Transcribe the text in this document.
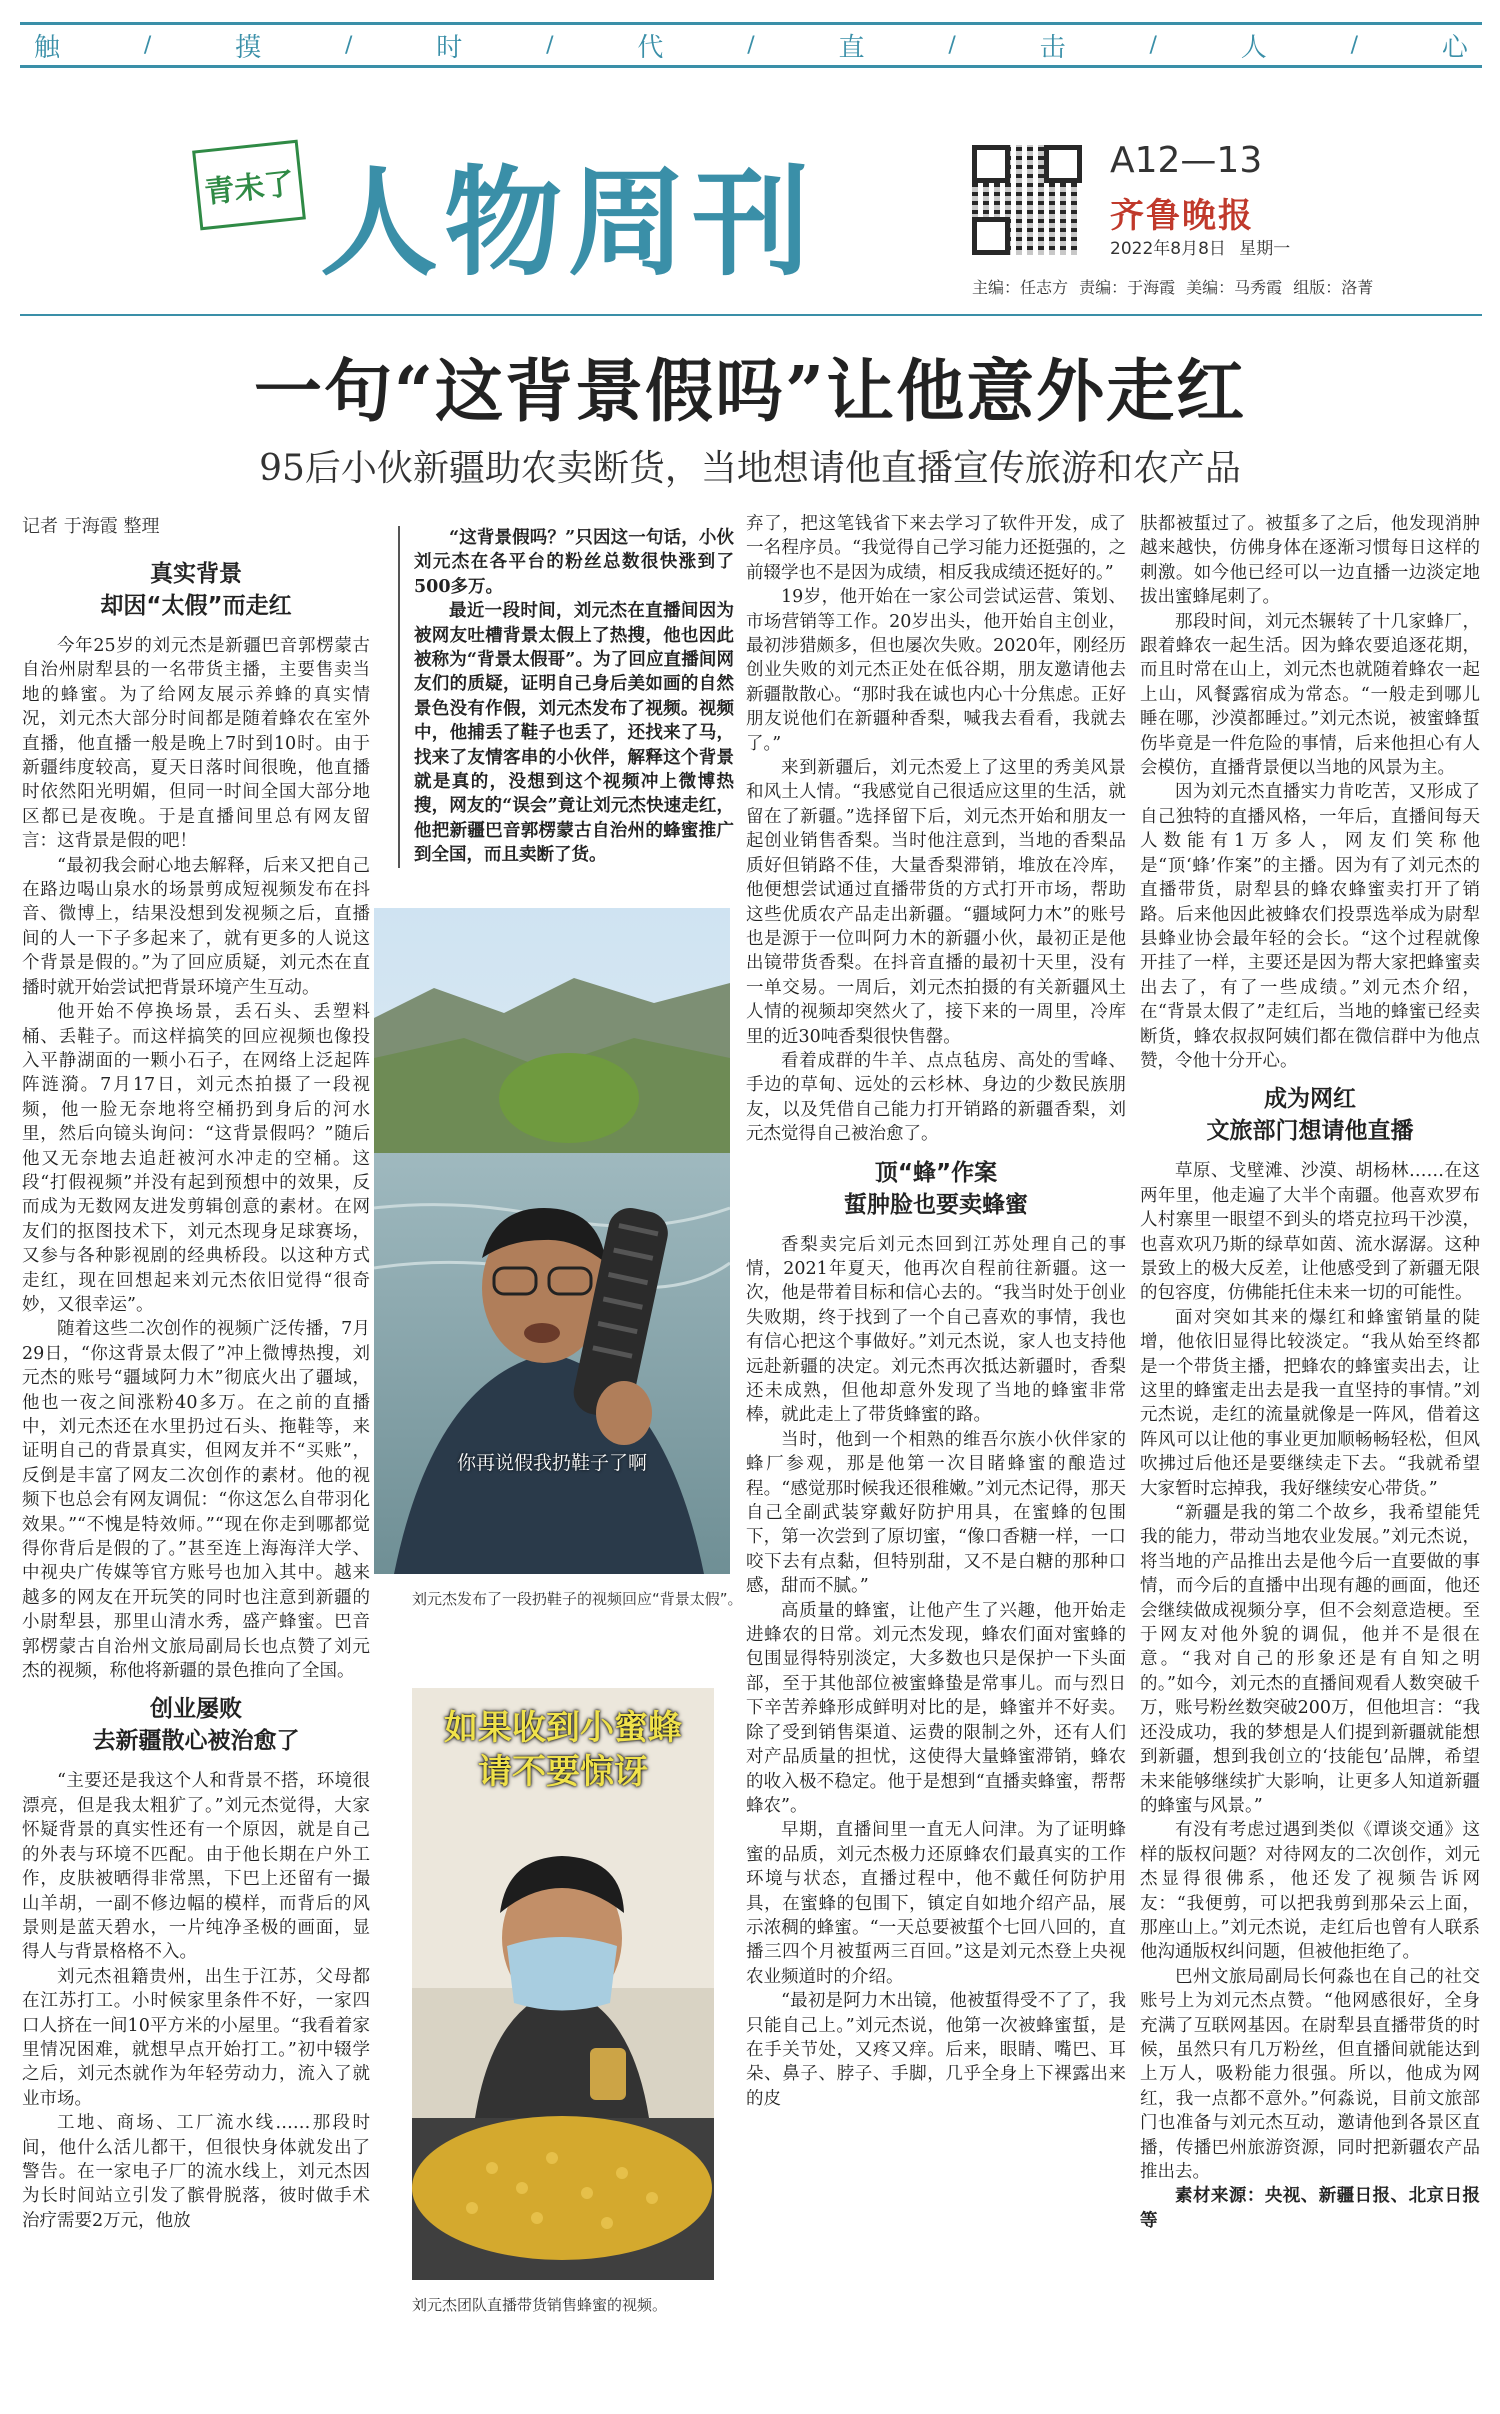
触	/	摸	/	时	/	代	/	直	/	击	/	人	/	心
青未了 人物周刊	A12—13
齐鲁晚报
2022年8月8日 星期一
主编：任志方 责编：于海霞 美编：马秀霞 组版：洛菁
一句“这背景假吗”让他意外走红
95后小伙新疆助农卖断货，当地想请他直播宣传旅游和农产品
记者 于海霞 整理
真实背景
却因“太假”而走红

今年25岁的刘元杰是新疆巴音郭楞蒙古自治州尉犁县的一名带货主播，主要售卖当地的蜂蜜。为了给网友展示养蜂的真实情况，刘元杰大部分时间都是随着蜂农在室外直播，他直播一般是晚上7时到10时。由于新疆纬度较高，夏天日落时间很晚，他直播时依然阳光明媚，但同一时间全国大部分地区都已是夜晚。于是直播间里总有网友留言：这背景是假的吧！

“最初我会耐心地去解释，后来又把自己在路边喝山泉水的场景剪成短视频发布在抖音、微博上，结果没想到发视频之后，直播间的人一下子多起来了，就有更多的人说这个背景是假的。”为了回应质疑，刘元杰在直播时就开始尝试把背景环境产生互动。

他开始不停换场景，丢石头、丢塑料桶、丢鞋子。而这样搞笑的回应视频也像投入平静湖面的一颗小石子，在网络上泛起阵阵涟漪。7月17日，刘元杰拍摄了一段视频，他一脸无奈地将空桶扔到身后的河水里，然后向镜头询问：“这背景假吗？”随后他又无奈地去追赶被河水冲走的空桶。这段“打假视频”并没有起到预想中的效果，反而成为无数网友进发剪辑创意的素材。在网友们的抠图技术下，刘元杰现身足球赛场，又参与各种影视剧的经典桥段。以这种方式走红，现在回想起来刘元杰依旧觉得“很奇妙，又很幸运”。

随着这些二次创作的视频广泛传播，7月29日，“你这背景太假了”冲上微博热搜，刘元杰的账号“疆域阿力木”彻底火出了疆域，他也一夜之间涨粉40多万。在之前的直播中，刘元杰还在水里扔过石头、拖鞋等，来证明自己的背景真实，但网友并不“买账”，反倒是丰富了网友二次创作的素材。他的视频下也总会有网友调侃：“你这怎么自带羽化效果。”“不愧是特效师。”“现在你走到哪都觉得你背后是假的了。”甚至连上海海洋大学、中视央广传媒等官方账号也加入其中。越来越多的网友在开玩笑的同时也注意到新疆的小尉犁县，那里山清水秀，盛产蜂蜜。巴音郭楞蒙古自治州文旅局副局长也点赞了刘元杰的视频，称他将新疆的景色推向了全国。

创业屡败
去新疆散心被治愈了

“主要还是我这个人和背景不搭，环境很漂亮，但是我太粗犷了。”刘元杰觉得，大家怀疑背景的真实性还有一个原因，就是自己的外表与环境不匹配。由于他长期在户外工作，皮肤被晒得非常黑，下巴上还留有一撮山羊胡，一副不修边幅的模样，而背后的风景则是蓝天碧水，一片纯净圣极的画面，显得人与背景格格不入。

刘元杰祖籍贵州，出生于江苏，父母都在江苏打工。小时候家里条件不好，一家四口人挤在一间10平方米的小屋里。“我看着家里情况困难，就想早点开始打工。”初中辍学之后，刘元杰就作为年轻劳动力，流入了就业市场。

工地、商场、工厂流水线……那段时间，他什么活儿都干，但很快身体就发出了警告。在一家电子厂的流水线上，刘元杰因为长时间站立引发了髌骨脱落，彼时做手术治疗需要2万元，他放

“这背景假吗？”只因这一句话，小伙刘元杰在各平台的粉丝总数很快涨到了500多万。

最近一段时间，刘元杰在直播间因为被网友吐槽背景太假上了热搜，他也因此被称为“背景太假哥”。为了回应直播间网友们的质疑，证明自己身后美如画的自然景色没有作假，刘元杰发布了视频。视频中，他捕丢了鞋子也丢了，还找来了马，找来了友情客串的小伙伴，解释这个背景就是真的，没想到这个视频冲上微博热搜，网友的“误会”竟让刘元杰快速走红，他把新疆巴音郭楞蒙古自治州的蜂蜜推广到全国，而且卖断了货。

你再说假我扔鞋子了啊
刘元杰发布了一段扔鞋子的视频回应“背景太假”。
如果收到小蜜蜂
请不要惊讶
刘元杰团队直播带货销售蜂蜜的视频。

弃了，把这笔钱省下来去学习了软件开发，成了一名程序员。“我觉得自己学习能力还挺强的，之前辍学也不是因为成绩，相反我成绩还挺好的。”

19岁，他开始在一家公司尝试运营、策划、市场营销等工作。20岁出头，他开始自主创业，最初涉猎颇多，但也屡次失败。2020年，刚经历创业失败的刘元杰正处在低谷期，朋友邀请他去新疆散散心。“那时我在诚也内心十分焦虑。正好朋友说他们在新疆种香梨，喊我去看看，我就去了。”

来到新疆后，刘元杰爱上了这里的秀美风景和风土人情。“我感觉自己很适应这里的生活，就留在了新疆。”选择留下后，刘元杰开始和朋友一起创业销售香梨。当时他注意到，当地的香梨品质好但销路不佳，大量香梨滞销，堆放在冷库，他便想尝试通过直播带货的方式打开市场，帮助这些优质农产品走出新疆。“疆域阿力木”的账号也是源于一位叫阿力木的新疆小伙，最初正是他出镜带货香梨。在抖音直播的最初十天里，没有一单交易。一周后，刘元杰拍摄的有关新疆风土人情的视频却突然火了，接下来的一周里，冷库里的近30吨香梨很快售罄。

看着成群的牛羊、点点毡房、高处的雪峰、手边的草甸、远处的云杉林、身边的少数民族朋友，以及凭借自己能力打开销路的新疆香梨，刘元杰觉得自己被治愈了。

顶“蜂”作案
蜇肿脸也要卖蜂蜜

香梨卖完后刘元杰回到江苏处理自己的事情，2021年夏天，他再次自程前往新疆。这一次，他是带着目标和信心去的。“我当时处于创业失败期，终于找到了一个自己喜欢的事情，我也有信心把这个事做好。”刘元杰说，家人也支持他远赴新疆的决定。刘元杰再次抵达新疆时，香梨还未成熟，但他却意外发现了当地的蜂蜜非常棒，就此走上了带货蜂蜜的路。

当时，他到一个相熟的维吾尔族小伙伴家的蜂厂参观，那是他第一次目睹蜂蜜的酿造过程。“感觉那时候我还很稚嫩。”刘元杰记得，那天自己全副武装穿戴好防护用具，在蜜蜂的包围下，第一次尝到了原切蜜，“像口香糖一样，一口咬下去有点黏，但特别甜，又不是白糖的那种口感，甜而不腻。”

高质量的蜂蜜，让他产生了兴趣，他开始走进蜂农的日常。刘元杰发现，蜂农们面对蜜蜂的包围显得特别淡定，大多数也只是保护一下头面部，至于其他部位被蜜蜂蛰是常事儿。而与烈日下辛苦养蜂形成鲜明对比的是，蜂蜜并不好卖。除了受到销售渠道、运费的限制之外，还有人们对产品质量的担忧，这使得大量蜂蜜滞销，蜂农的收入极不稳定。他于是想到“直播卖蜂蜜，帮帮蜂农”。

早期，直播间里一直无人问津。为了证明蜂蜜的品质，刘元杰极力还原蜂农们最真实的工作环境与状态，直播过程中，他不戴任何防护用具，在蜜蜂的包围下，镇定自如地介绍产品，展示浓稠的蜂蜜。“一天总要被蜇个七回八回的，直播三四个月被蜇两三百回。”这是刘元杰登上央视农业频道时的介绍。

“最初是阿力木出镜，他被蜇得受不了了，我只能自己上。”刘元杰说，他第一次被蜂蜜蜇，是在手关节处，又疼又痒。后来，眼睛、嘴巴、耳朵、鼻子、脖子、手脚，几乎全身上下裸露出来的皮

肤都被蜇过了。被蜇多了之后，他发现消肿越来越快，仿佛身体在逐渐习惯每日这样的刺激。如今他已经可以一边直播一边淡定地拔出蜜蜂尾刺了。

那段时间，刘元杰辗转了十几家蜂厂，跟着蜂农一起生活。因为蜂农要追逐花期，而且时常在山上，刘元杰也就随着蜂农一起上山，风餐露宿成为常态。“一般走到哪儿睡在哪，沙漠都睡过。”刘元杰说，被蜜蜂蜇伤毕竟是一件危险的事情，后来他担心有人会模仿，直播背景便以当地的风景为主。

因为刘元杰直播实力肯吃苦，又形成了自己独特的直播风格，一年后，直播间每天人数能有1万多人，网友们笑称他是“顶‘蜂’作案”的主播。因为有了刘元杰的直播带货，尉犁县的蜂农蜂蜜卖打开了销路。后来他因此被蜂农们投票选举成为尉犁县蜂业协会最年轻的会长。“这个过程就像开挂了一样，主要还是因为帮大家把蜂蜜卖出去了，有了一些成绩。”刘元杰介绍，在“背景太假了”走红后，当地的蜂蜜已经卖断货，蜂农叔叔阿姨们都在微信群中为他点赞，令他十分开心。

成为网红
文旅部门想请他直播

草原、戈壁滩、沙漠、胡杨林……在这两年里，他走遍了大半个南疆。他喜欢罗布人村寨里一眼望不到头的塔克拉玛干沙漠，也喜欢巩乃斯的绿草如茵、流水潺潺。这种景致上的极大反差，让他感受到了新疆无限的包容度，仿佛能托住未来一切的可能性。

面对突如其来的爆红和蜂蜜销量的陡增，他依旧显得比较淡定。“我从始至终都是一个带货主播，把蜂农的蜂蜜卖出去，让这里的蜂蜜走出去是我一直坚持的事情。”刘元杰说，走红的流量就像是一阵风，借着这阵风可以让他的事业更加顺畅畅轻松，但风吹拂过后他还是要继续走下去。“我就希望大家暂时忘掉我，我好继续安心带货。”

“新疆是我的第二个故乡，我希望能凭我的能力，带动当地农业发展。”刘元杰说，将当地的产品推出去是他今后一直要做的事情，而今后的直播中出现有趣的画面，他还会继续做成视频分享，但不会刻意造梗。至于网友对他外貌的调侃，他并不是很在意。“我对自己的形象还是有自知之明的。”如今，刘元杰的直播间观看人数突破千万，账号粉丝数突破200万，但他坦言：“我还没成功，我的梦想是人们提到新疆就能想到新疆，想到我创立的‘技能包’品牌，希望未来能够继续扩大影响，让更多人知道新疆的蜂蜜与风景。”

有没有考虑过遇到类似《谭谈交通》这样的版权问题？对待网友的二次创作，刘元杰显得很佛系，他还发了视频告诉网友：“我便剪，可以把我剪到那朵云上面，那座山上。”刘元杰说，走红后也曾有人联系他沟通版权纠问题，但被他拒绝了。

巴州文旅局副局长何淼也在自己的社交账号上为刘元杰点赞。“他网感很好，全身充满了互联网基因。在尉犁县直播带货的时候，虽然只有几万粉丝，但直播间就能达到上万人，吸粉能力很强。所以，他成为网红，我一点都不意外。”何淼说，目前文旅部门也准备与刘元杰互动，邀请他到各景区直播，传播巴州旅游资源，同时把新疆农产品推出去。

素材来源：央视、新疆日报、北京日报等
